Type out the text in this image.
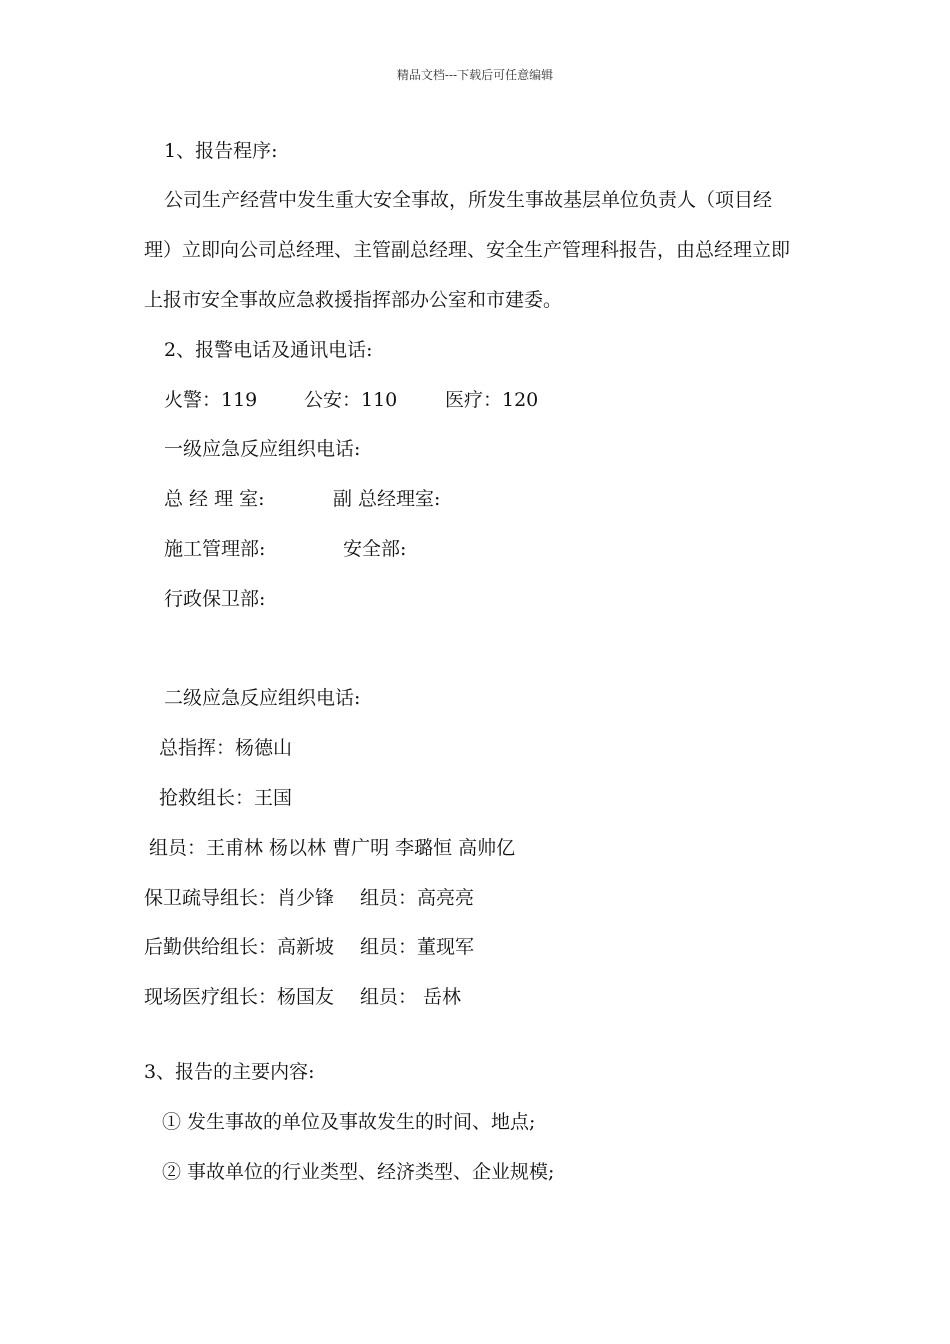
精品文档---下载后可任意编辑
1、报告程序:
公司生产经营中发生重大安全事故，所发生事故基层单位负责人（项目经
理）立即向公司总经理、主管副总经理、安全生产管理科报告，由总经理立即
上报市安全事故应急救援指挥部办公室和市建委。
2、报警电话及通讯电话:
火警：119 公安：110	医疗：120
一级应急反应组织电话:
总 经 理 室:	副 总经理室:
施工管理部:	安全部:
行政保卫部:
二级应急反应组织电话:
总指挥：杨德山
抢救组长：王国
组员：王甫林 杨以林 曹广明 李璐恒 高帅亿
保卫疏导组长：肖少锋 组员：高亮亮
后勤供给组长：高新坡 组员：董现军
现场医疗组长：杨国友 组员： 岳林
3、报告的主要内容:
① 发生事故的单位及事故发生的时间、地点;
② 事故单位的行业类型、经济类型、企业规模;
